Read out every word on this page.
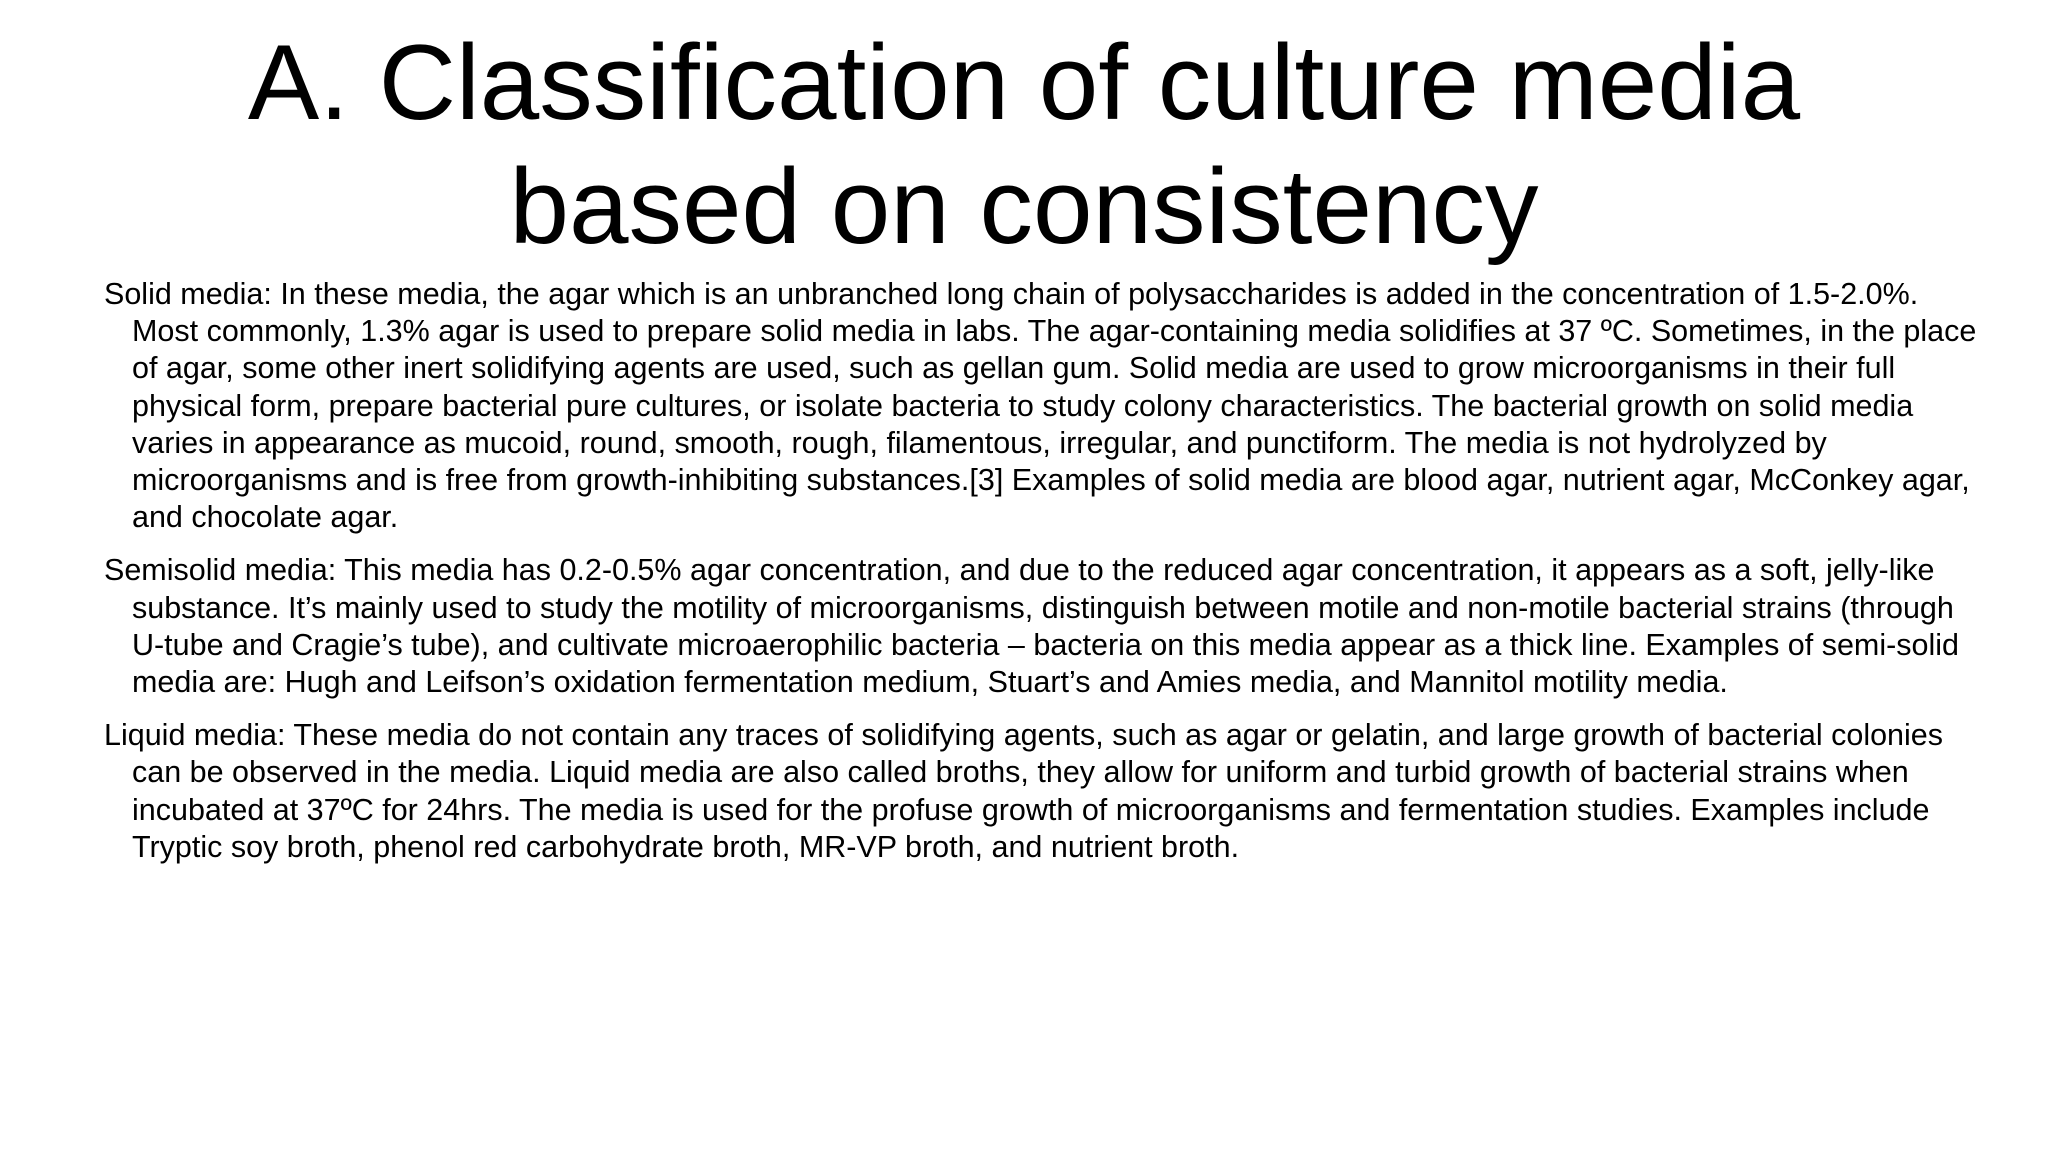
A. Classification of culture media based on consistency

Solid media: In these media, the agar which is an unbranched long chain of polysaccharides is added in the concentration of 1.5-2.0%. Most commonly, 1.3% agar is used to prepare solid media in labs. The agar-containing media solidifies at 37 ºC. Sometimes, in the place of agar, some other inert solidifying agents are used, such as gellan gum. Solid media are used to grow microorganisms in their full physical form, prepare bacterial pure cultures, or isolate bacteria to study colony characteristics. The bacterial growth on solid media varies in appearance as mucoid, round, smooth, rough, filamentous, irregular, and punctiform. The media is not hydrolyzed by microorganisms and is free from growth-inhibiting substances.[3] Examples of solid media are blood agar, nutrient agar, McConkey agar, and chocolate agar.

Semisolid media: This media has 0.2-0.5% agar concentration, and due to the reduced agar concentration, it appears as a soft, jelly-like substance. It’s mainly used to study the motility of microorganisms, distinguish between motile and non-motile bacterial strains (through U-tube and Cragie’s tube), and cultivate microaerophilic bacteria – bacteria on this media appear as a thick line. Examples of semi-solid media are: Hugh and Leifson’s oxidation fermentation medium, Stuart’s and Amies media, and Mannitol motility media.

Liquid media: These media do not contain any traces of solidifying agents, such as agar or gelatin, and large growth of bacterial colonies can be observed in the media. Liquid media are also called broths, they allow for uniform and turbid growth of bacterial strains when incubated at 37ºC for 24hrs. The media is used for the profuse growth of microorganisms and fermentation studies. Examples include Tryptic soy broth, phenol red carbohydrate broth, MR-VP broth, and nutrient broth.
